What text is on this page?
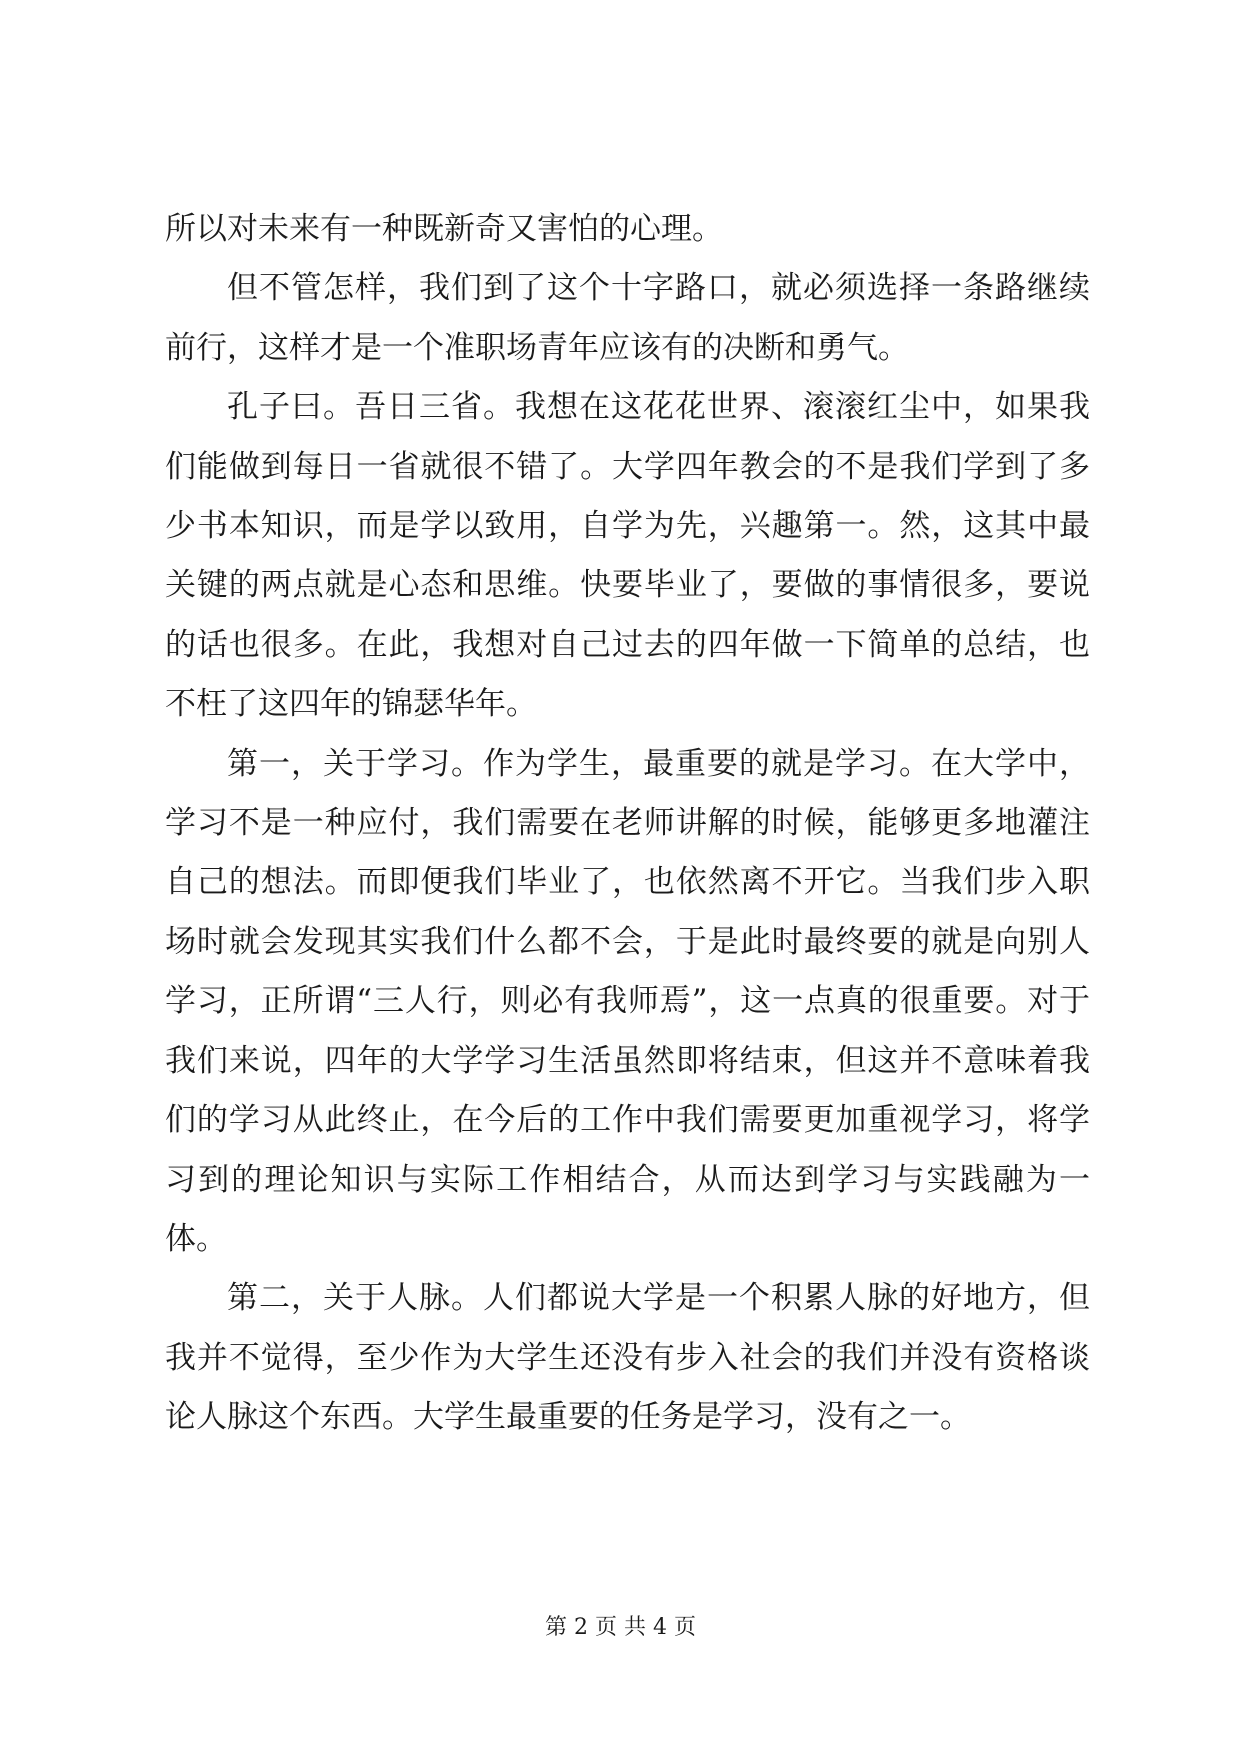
所以对未来有一种既新奇又害怕的心理。

但不管怎样，我们到了这个十字路口，就必须选择一条路继续前行，这样才是一个准职场青年应该有的决断和勇气。

孔子曰。吾日三省。我想在这花花世界、滚滚红尘中，如果我们能做到每日一省就很不错了。大学四年教会的不是我们学到了多少书本知识，而是学以致用，自学为先，兴趣第一。然，这其中最关键的两点就是心态和思维。快要毕业了，要做的事情很多，要说的话也很多。在此，我想对自己过去的四年做一下简单的总结，也不枉了这四年的锦瑟华年。

第一，关于学习。作为学生，最重要的就是学习。在大学中，学习不是一种应付，我们需要在老师讲解的时候，能够更多地灌注自己的想法。而即便我们毕业了，也依然离不开它。当我们步入职场时就会发现其实我们什么都不会，于是此时最终要的就是向别人学习，正所谓“三人行，则必有我师焉”，这一点真的很重要。对于我们来说，四年的大学学习生活虽然即将结束，但这并不意味着我们的学习从此终止，在今后的工作中我们需要更加重视学习，将学习到的理论知识与实际工作相结合，从而达到学习与实践融为一体。

第二，关于人脉。人们都说大学是一个积累人脉的好地方，但我并不觉得，至少作为大学生还没有步入社会的我们并没有资格谈论人脉这个东西。大学生最重要的任务是学习，没有之一。

第 2 页 共 4 页
